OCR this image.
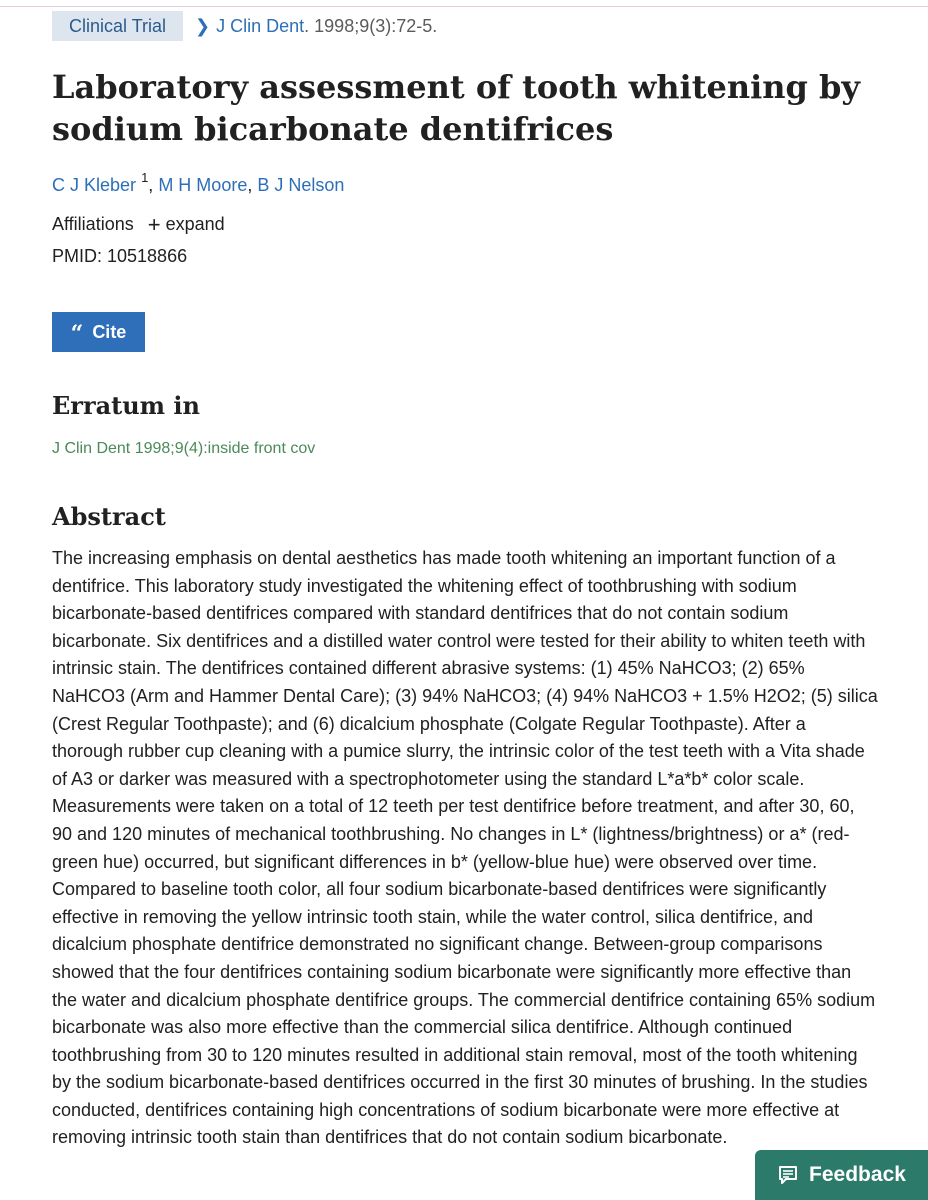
Clinical Trial	❯ J Clin Dent . 1998;9(3):72-5.
Laboratory assessment of tooth whitening by sodium bicarbonate dentifrices
C J Kleber $^1$, M H Moore, B J Nelson
Affiliations + expand
PMID: 10518866
“ Cite
Erratum in
J Clin Dent 1998;9(4):inside front cov
Abstract

The increasing emphasis on dental aesthetics has made tooth whitening an important function of a dentifrice. This laboratory study investigated the whitening effect of toothbrushing with sodium bicarbonate-based dentifrices compared with standard dentifrices that do not contain sodium bicarbonate. Six dentifrices and a distilled water control were tested for their ability to whiten teeth with intrinsic stain. The dentifrices contained different abrasive systems: (1) 45% NaHCO3; (2) 65% NaHCO3 (Arm and Hammer Dental Care); (3) 94% NaHCO3; (4) 94% NaHCO3 + 1.5% H2O2; (5) silica (Crest Regular Toothpaste); and (6) dicalcium phosphate (Colgate Regular Toothpaste). After a thorough rubber cup cleaning with a pumice slurry, the intrinsic color of the test teeth with a Vita shade of A3 or darker was measured with a spectrophotometer using the standard L*a*b* color scale. Measurements were taken on a total of 12 teeth per test dentifrice before treatment, and after 30, 60, 90 and 120 minutes of mechanical toothbrushing. No changes in L* (lightness/brightness) or a* (red-green hue) occurred, but significant differences in b* (yellow-blue hue) were observed over time. Compared to baseline tooth color, all four sodium bicarbonate-based dentifrices were significantly effective in removing the yellow intrinsic tooth stain, while the water control, silica dentifrice, and dicalcium phosphate dentifrice demonstrated no significant change. Between-group comparisons showed that the four dentifrices containing sodium bicarbonate were significantly more effective than the water and dicalcium phosphate dentifrice groups. The commercial dentifrice containing 65% sodium bicarbonate was also more effective than the commercial silica dentifrice. Although continued toothbrushing from 30 to 120 minutes resulted in additional stain removal, most of the tooth whitening by the sodium bicarbonate-based dentifrices occurred in the first 30 minutes of brushing. In the studies conducted, dentifrices containing high concentrations of sodium bicarbonate were more effective at removing intrinsic tooth stain than dentifrices that do not contain sodium bicarbonate.

Feedback
